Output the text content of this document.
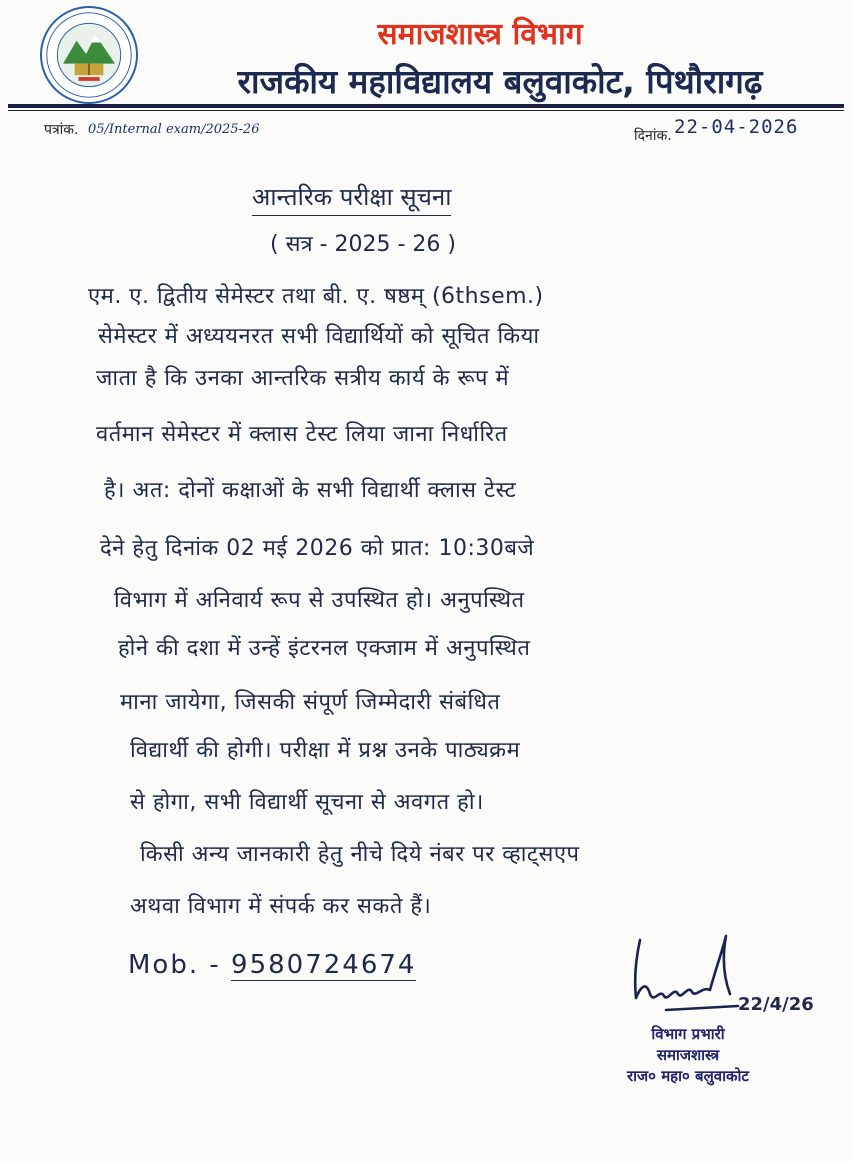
समाजशास्त्र विभाग
राजकीय महाविद्यालय बलुवाकोट, पिथौरागढ़
पत्रांक. 05/Internal exam/2025-26	दिनांक. 22-04-2026
आन्तरिक परीक्षा सूचना
( सत्र - 2025 - 26 )
एम. ए. द्वितीय सेमेस्टर तथा बी. ए. षष्ठम् (6thsem.)
सेमेस्टर में अध्ययनरत सभी विद्यार्थियों को सूचित किया
जाता है कि उनका आन्तरिक सत्रीय कार्य के रूप में
वर्तमान सेमेस्टर में क्लास टेस्ट लिया जाना निर्धारित
है। अत: दोनों कक्षाओं के सभी विद्यार्थी क्लास टेस्ट
देने हेतु दिनांक 02 मई 2026 को प्रात: 10:30बजे
विभाग में अनिवार्य रूप से उपस्थित हो। अनुपस्थित
होने की दशा में उन्हें इंटरनल एक्जाम में अनुपस्थित
माना जायेगा, जिसकी संपूर्ण जिम्मेदारी संबंधित
विद्यार्थी की होगी। परीक्षा में प्रश्न उनके पाठ्यक्रम
से होगा, सभी विद्यार्थी सूचना से अवगत हो।
किसी अन्य जानकारी हेतु नीचे दिये नंबर पर व्हाट्सएप
अथवा विभाग में संपर्क कर सकते हैं।
Mob. - 9580724674
22/4/26
विभाग प्रभारी
समाजशास्त्र
राज० महा० बलुवाकोट
